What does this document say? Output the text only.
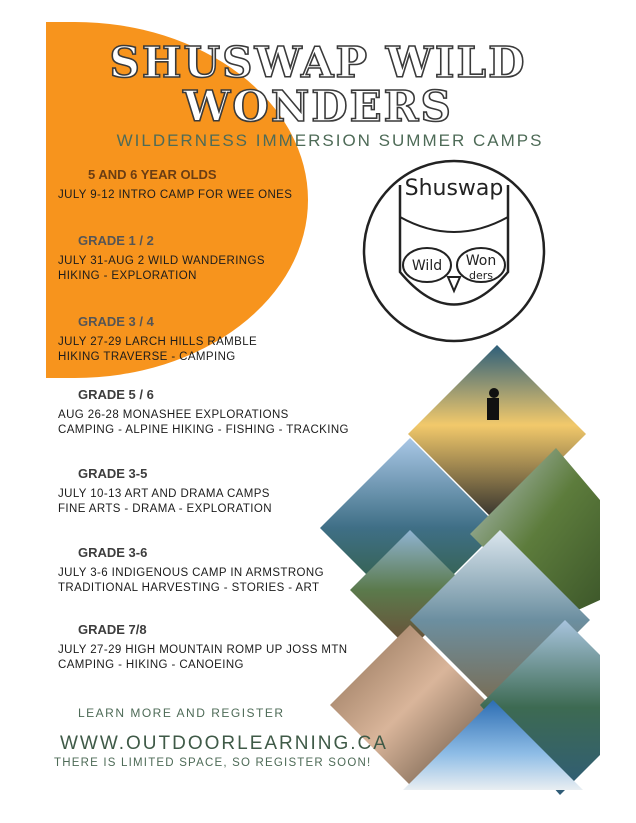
SHUSWAP WILD
WONDERS
WILDERNESS IMMERSION SUMMER CAMPS
Shuswap
Wild Won
ders
5 AND 6 YEAR OLDS
JULY 9-12 INTRO CAMP FOR WEE ONES
GRADE 1 / 2
JULY 31-AUG 2 WILD WANDERINGS
HIKING - EXPLORATION
GRADE 3 / 4
JULY 27-29 LARCH HILLS RAMBLE
HIKING TRAVERSE - CAMPING
GRADE 5 / 6
AUG 26-28 MONASHEE EXPLORATIONS
CAMPING - ALPINE HIKING - FISHING - TRACKING
GRADE 3-5
JULY 10-13 ART AND DRAMA CAMPS
FINE ARTS - DRAMA - EXPLORATION
GRADE 3-6
JULY 3-6 INDIGENOUS CAMP IN ARMSTRONG
TRADITIONAL HARVESTING - STORIES - ART
GRADE 7/8
JULY 27-29 HIGH MOUNTAIN ROMP UP JOSS MTN
CAMPING - HIKING - CANOEING
LEARN MORE AND REGISTER
WWW.OUTDOORLEARNING.CA
THERE IS LIMITED SPACE, SO REGISTER SOON!
